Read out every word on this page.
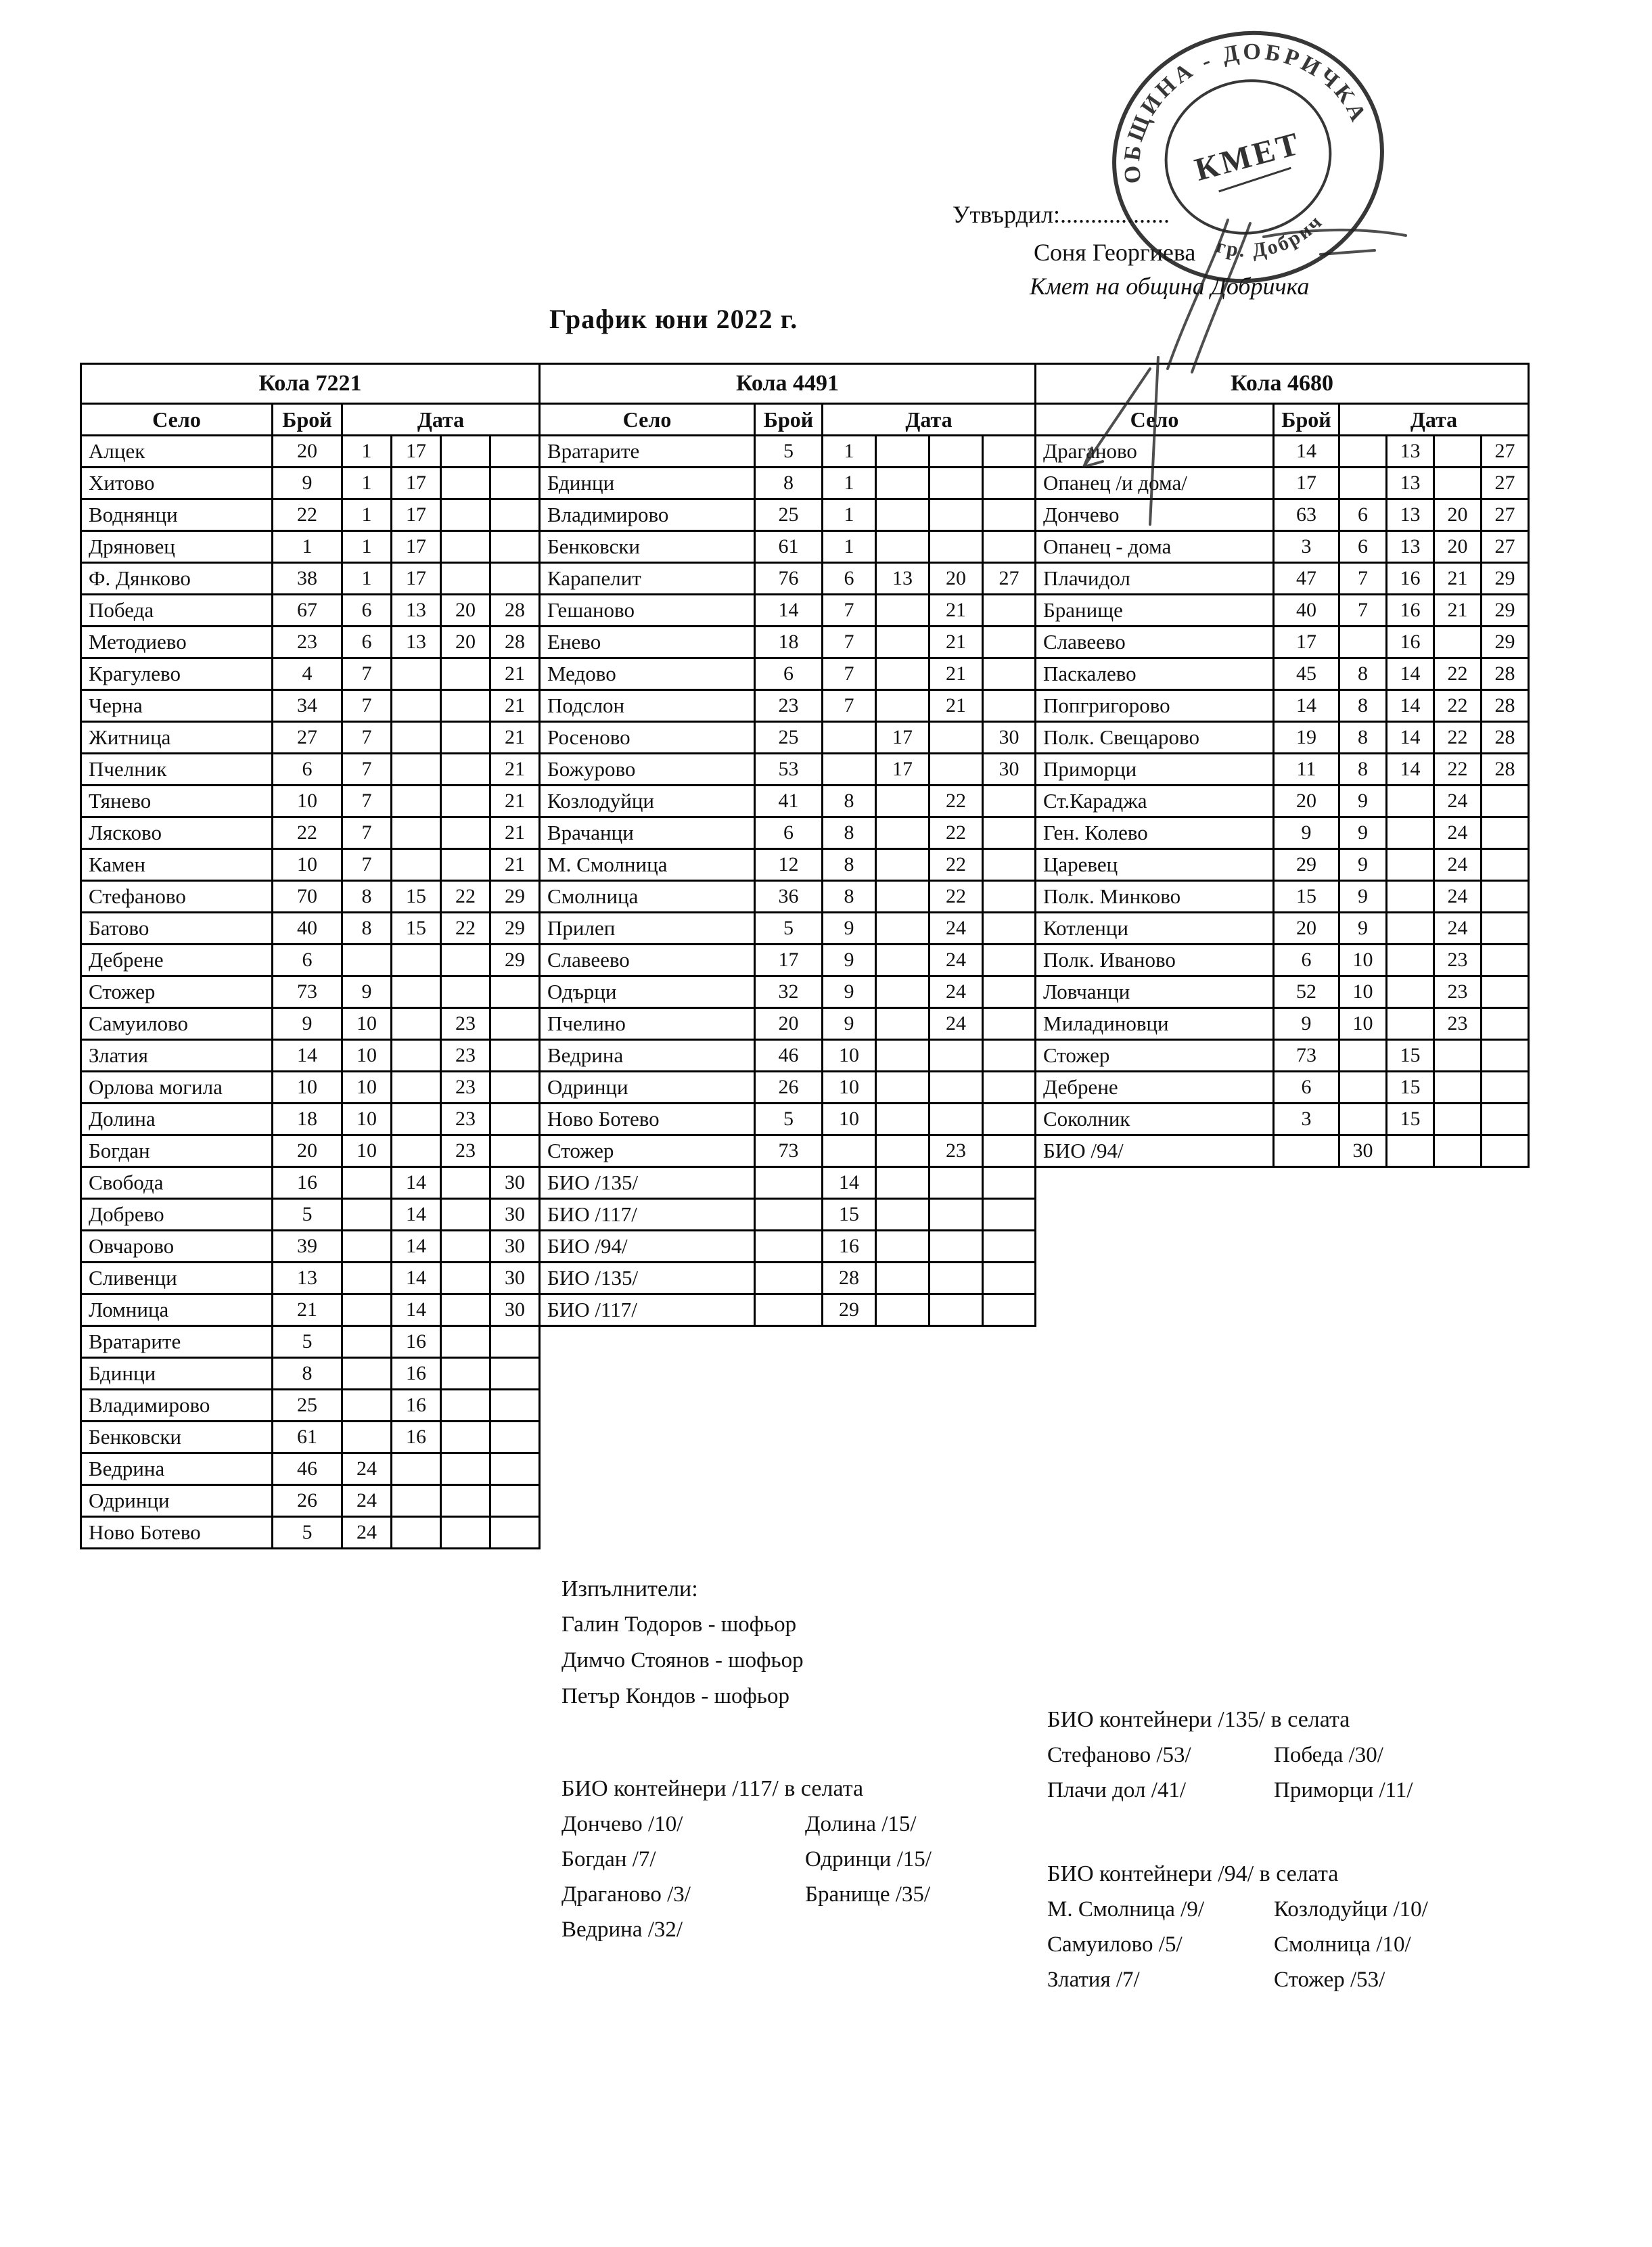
Утвърдил:..................
Соня Георгиева
Кмет на община Добричка
ОБЩИНА - ДОБРИЧКА
гр. Добрич
КМЕТ
График юни 2022 г.
Кола 7221					
Село	Брой	Дата			
Алцек	20	1	17		
Хитово	9	1	17		
Воднянци	22	1	17		
Дряновец	1	1	17		
Ф. Дянково	38	1	17		
Победа	67	6	13	20	28
Методиево	23	6	13	20	28
Крагулево	4	7			21
Черна	34	7			21
Житница	27	7			21
Пчелник	6	7			21
Тянево	10	7			21
Лясково	22	7			21
Камен	10	7			21
Стефаново	70	8	15	22	29
Батово	40	8	15	22	29
Дебрене	6				29
Стожер	73	9			
Самуилово	9	10		23	
Златия	14	10		23	
Орлова могила	10	10		23	
Долина	18	10		23	
Богдан	20	10		23	
Свобода	16		14		30
Добрево	5		14		30
Овчарово	39		14		30
Сливенци	13		14		30
Ломница	21		14		30
Вратарите	5		16		
Бдинци	8		16		
Владимирово	25		16		
Бенковски	61		16		
Ведрина	46	24			
Одринци	26	24			
Ново Ботево	5	24			
Кола 4491					
Село	Брой	Дата			
Вратарите	5	1			
Бдинци	8	1			
Владимирово	25	1			
Бенковски	61	1			
Карапелит	76	6	13	20	27
Гешаново	14	7		21	
Енево	18	7		21	
Медово	6	7		21	
Подслон	23	7		21	
Росеново	25		17		30
Божурово	53		17		30
Козлодуйци	41	8		22	
Врачанци	6	8		22	
М. Смолница	12	8		22	
Смолница	36	8		22	
Прилеп	5	9		24	
Славеево	17	9		24	
Одърци	32	9		24	
Пчелино	20	9		24	
Ведрина	46	10			
Одринци	26	10			
Ново Ботево	5	10			
Стожер	73			23	
БИО /135/		14			
БИО /117/		15			
БИО /94/		16			
БИО /135/		28			
БИО /117/		29			
Кола 4680					
Село	Брой	Дата			
Драганово	14		13		27
Опанец /и дома/	17		13		27
Дончево	63	6	13	20	27
Опанец - дома	3	6	13	20	27
Плачидол	47	7	16	21	29
Бранище	40	7	16	21	29
Славеево	17		16		29
Паскалево	45	8	14	22	28
Попгригорово	14	8	14	22	28
Полк. Свещарово	19	8	14	22	28
Приморци	11	8	14	22	28
Ст.Караджа	20	9		24	
Ген. Колево	9	9		24	
Царевец	29	9		24	
Полк. Минково	15	9		24	
Котленци	20	9		24	
Полк. Иваново	6	10		23	
Ловчанци	52	10		23	
Миладиновци	9	10		23	
Стожер	73		15		
Дебрене	6		15		
Соколник	3		15		
БИО /94/		30			
Изпълнители:
Галин Тодоров - шофьор
Димчо Стоянов - шофьор
Петър Кондов - шофьор
БИО контейнери /117/ в селата
Дончево /10/
Богдан /7/
Драганово /3/
Ведрина /32/
Долина /15/
Одринци /15/
Бранище /35/
БИО контейнери /135/ в селата
Стефаново /53/
Плачи дол /41/
Победа /30/
Приморци /11/
БИО контейнери /94/ в селата
М. Смолница /9/
Самуилово /5/
Златия /7/
Козлодуйци /10/
Смолница /10/
Стожер /53/
